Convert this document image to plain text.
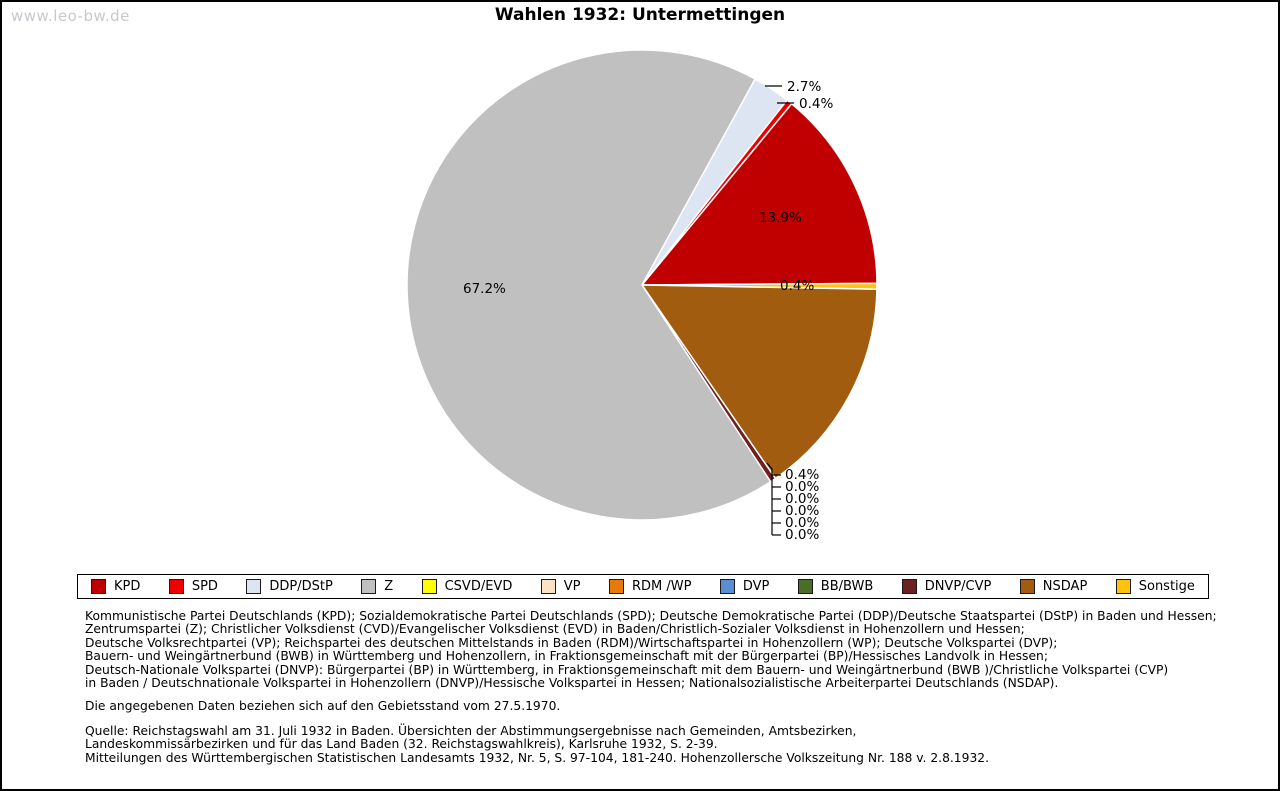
www.leo-bw.de	Wahlen 1932: Untermettingen
2.7%
0.4%
13.9%
67.2%	0.4%
0.4%
0.0%
0.0%
0.0%
0.0%
0.0%
KPD	SPD	DDP/DStP	Z	CSVD/EVD	VP	RDM /WP	DVP	BB/BWB	DNVP/CVP	NSDAP	Sonstige
Kommunistische Partei Deutschlands (KPD); Sozialdemokratische Partei Deutschlands (SPD); Deutsche Demokratische Partei (DDP)/Deutsche Staatspartei (DStP) in Baden und Hessen;
Zentrumspartei (Z); Christlicher Volksdienst (CVD)/Evangelischer Volksdienst (EVD) in Baden/Christlich-Sozialer Volksdienst in Hohenzollern und Hessen;
Deutsche Volksrechtpartei (VP); Reichspartei des deutschen Mittelstands in Baden (RDM)/Wirtschaftspartei in Hohenzollern (WP); Deutsche Volkspartei (DVP);
Bauern- und Weingärtnerbund (BWB) in Württemberg und Hohenzollern, in Fraktionsgemeinschaft mit der Bürgerpartei (BP)/Hessisches Landvolk in Hessen;
Deutsch-Nationale Volkspartei (DNVP): Bürgerpartei (BP) in Württemberg, in Fraktionsgemeinschaft mit dem Bauern- und Weingärtnerbund (BWB )/Christliche Volkspartei (CVP)
in Baden / Deutschnationale Volkspartei in Hohenzollern (DNVP)/Hessische Volkspartei in Hessen; Nationalsozialistische Arbeiterpartei Deutschlands (NSDAP).
Die angegebenen Daten beziehen sich auf den Gebietsstand vom 27.5.1970.
Quelle: Reichstagswahl am 31. Juli 1932 in Baden. Übersichten der Abstimmungsergebnisse nach Gemeinden, Amtsbezirken,
Landeskommissärbezirken und für das Land Baden (32. Reichstagswahlkreis), Karlsruhe 1932, S. 2-39.
Mitteilungen des Württembergischen Statistischen Landesamts 1932, Nr. 5, S. 97-104, 181-240. Hohenzollersche Volkszeitung Nr. 188 v. 2.8.1932.
